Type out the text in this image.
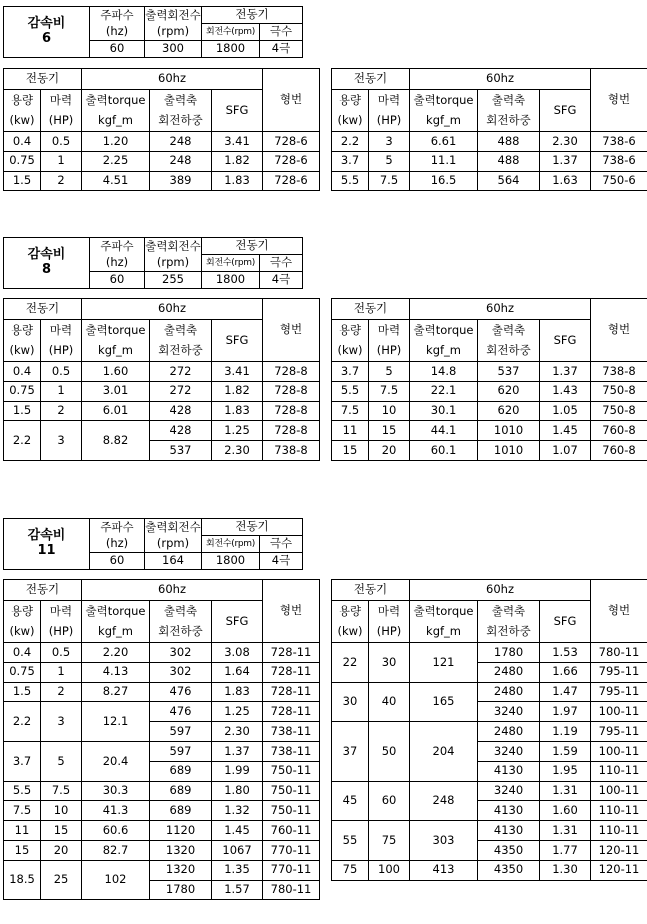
감속비
6	주파수	출력회전수	전동기	
	(hz)	(rpm)	회전수(rpm)	극수
	60	300	1800	4극
전동기		60hz			형번
용량	마력	출력torque	출력축	SFG	
(kw)	(HP)	kgf_m	회전하중		
0.4	0.5	1.20	248	3.41	728-6
0.75	1	2.25	248	1.82	728-6
1.5	2	4.51	389	1.83	728-6
전동기		60hz			형번
용량	마력	출력torque	출력축	SFG	
(kw)	(HP)	kgf_m	회전하중		
2.2	3	6.61	488	2.30	738-6
3.7	5	11.1	488	1.37	738-6
5.5	7.5	16.5	564	1.63	750-6
감속비
8	주파수	출력회전수	전동기	
	(hz)	(rpm)	회전수(rpm)	극수
	60	255	1800	4극
전동기		60hz			형번
용량	마력	출력torque	출력축	SFG	
(kw)	(HP)	kgf_m	회전하중		
0.4	0.5	1.60	272	3.41	728-8
0.75	1	3.01	272	1.82	728-8
1.5	2	6.01	428	1.83	728-8
2.2	3	8.82	428	1.25	728-8
			537	2.30	738-8
전동기		60hz			형번
용량	마력	출력torque	출력축	SFG	
(kw)	(HP)	kgf_m	회전하중		
3.7	5	14.8	537	1.37	738-8
5.5	7.5	22.1	620	1.43	750-8
7.5	10	30.1	620	1.05	750-8
11	15	44.1	1010	1.45	760-8
15	20	60.1	1010	1.07	760-8
감속비
11	주파수	출력회전수	전동기	
	(hz)	(rpm)	회전수(rpm)	극수
	60	164	1800	4극
전동기		60hz			형번
용량	마력	출력torque	출력축	SFG	
(kw)	(HP)	kgf_m	회전하중		
0.4	0.5	2.20	302	3.08	728-11
0.75	1	4.13	302	1.64	728-11
1.5	2	8.27	476	1.83	728-11
2.2	3	12.1	476	1.25	728-11
			597	2.30	738-11
3.7	5	20.4	597	1.37	738-11
			689	1.99	750-11
5.5	7.5	30.3	689	1.80	750-11
7.5	10	41.3	689	1.32	750-11
11	15	60.6	1120	1.45	760-11
15	20	82.7	1320	1067	770-11
18.5	25	102	1320	1.35	770-11
			1780	1.57	780-11
전동기		60hz			형번
용량	마력	출력torque	출력축	SFG	
(kw)	(HP)	kgf_m	회전하중		
22	30	121	1780	1.53	780-11
			2480	1.66	795-11
30	40	165	2480	1.47	795-11
			3240	1.97	100-11
37	50	204	2480	1.19	795-11
			3240	1.59	100-11
			4130	1.95	110-11
45	60	248	3240	1.31	100-11
			4130	1.60	110-11
55	75	303	4130	1.31	110-11
			4350	1.77	120-11
75	100	413	4350	1.30	120-11
